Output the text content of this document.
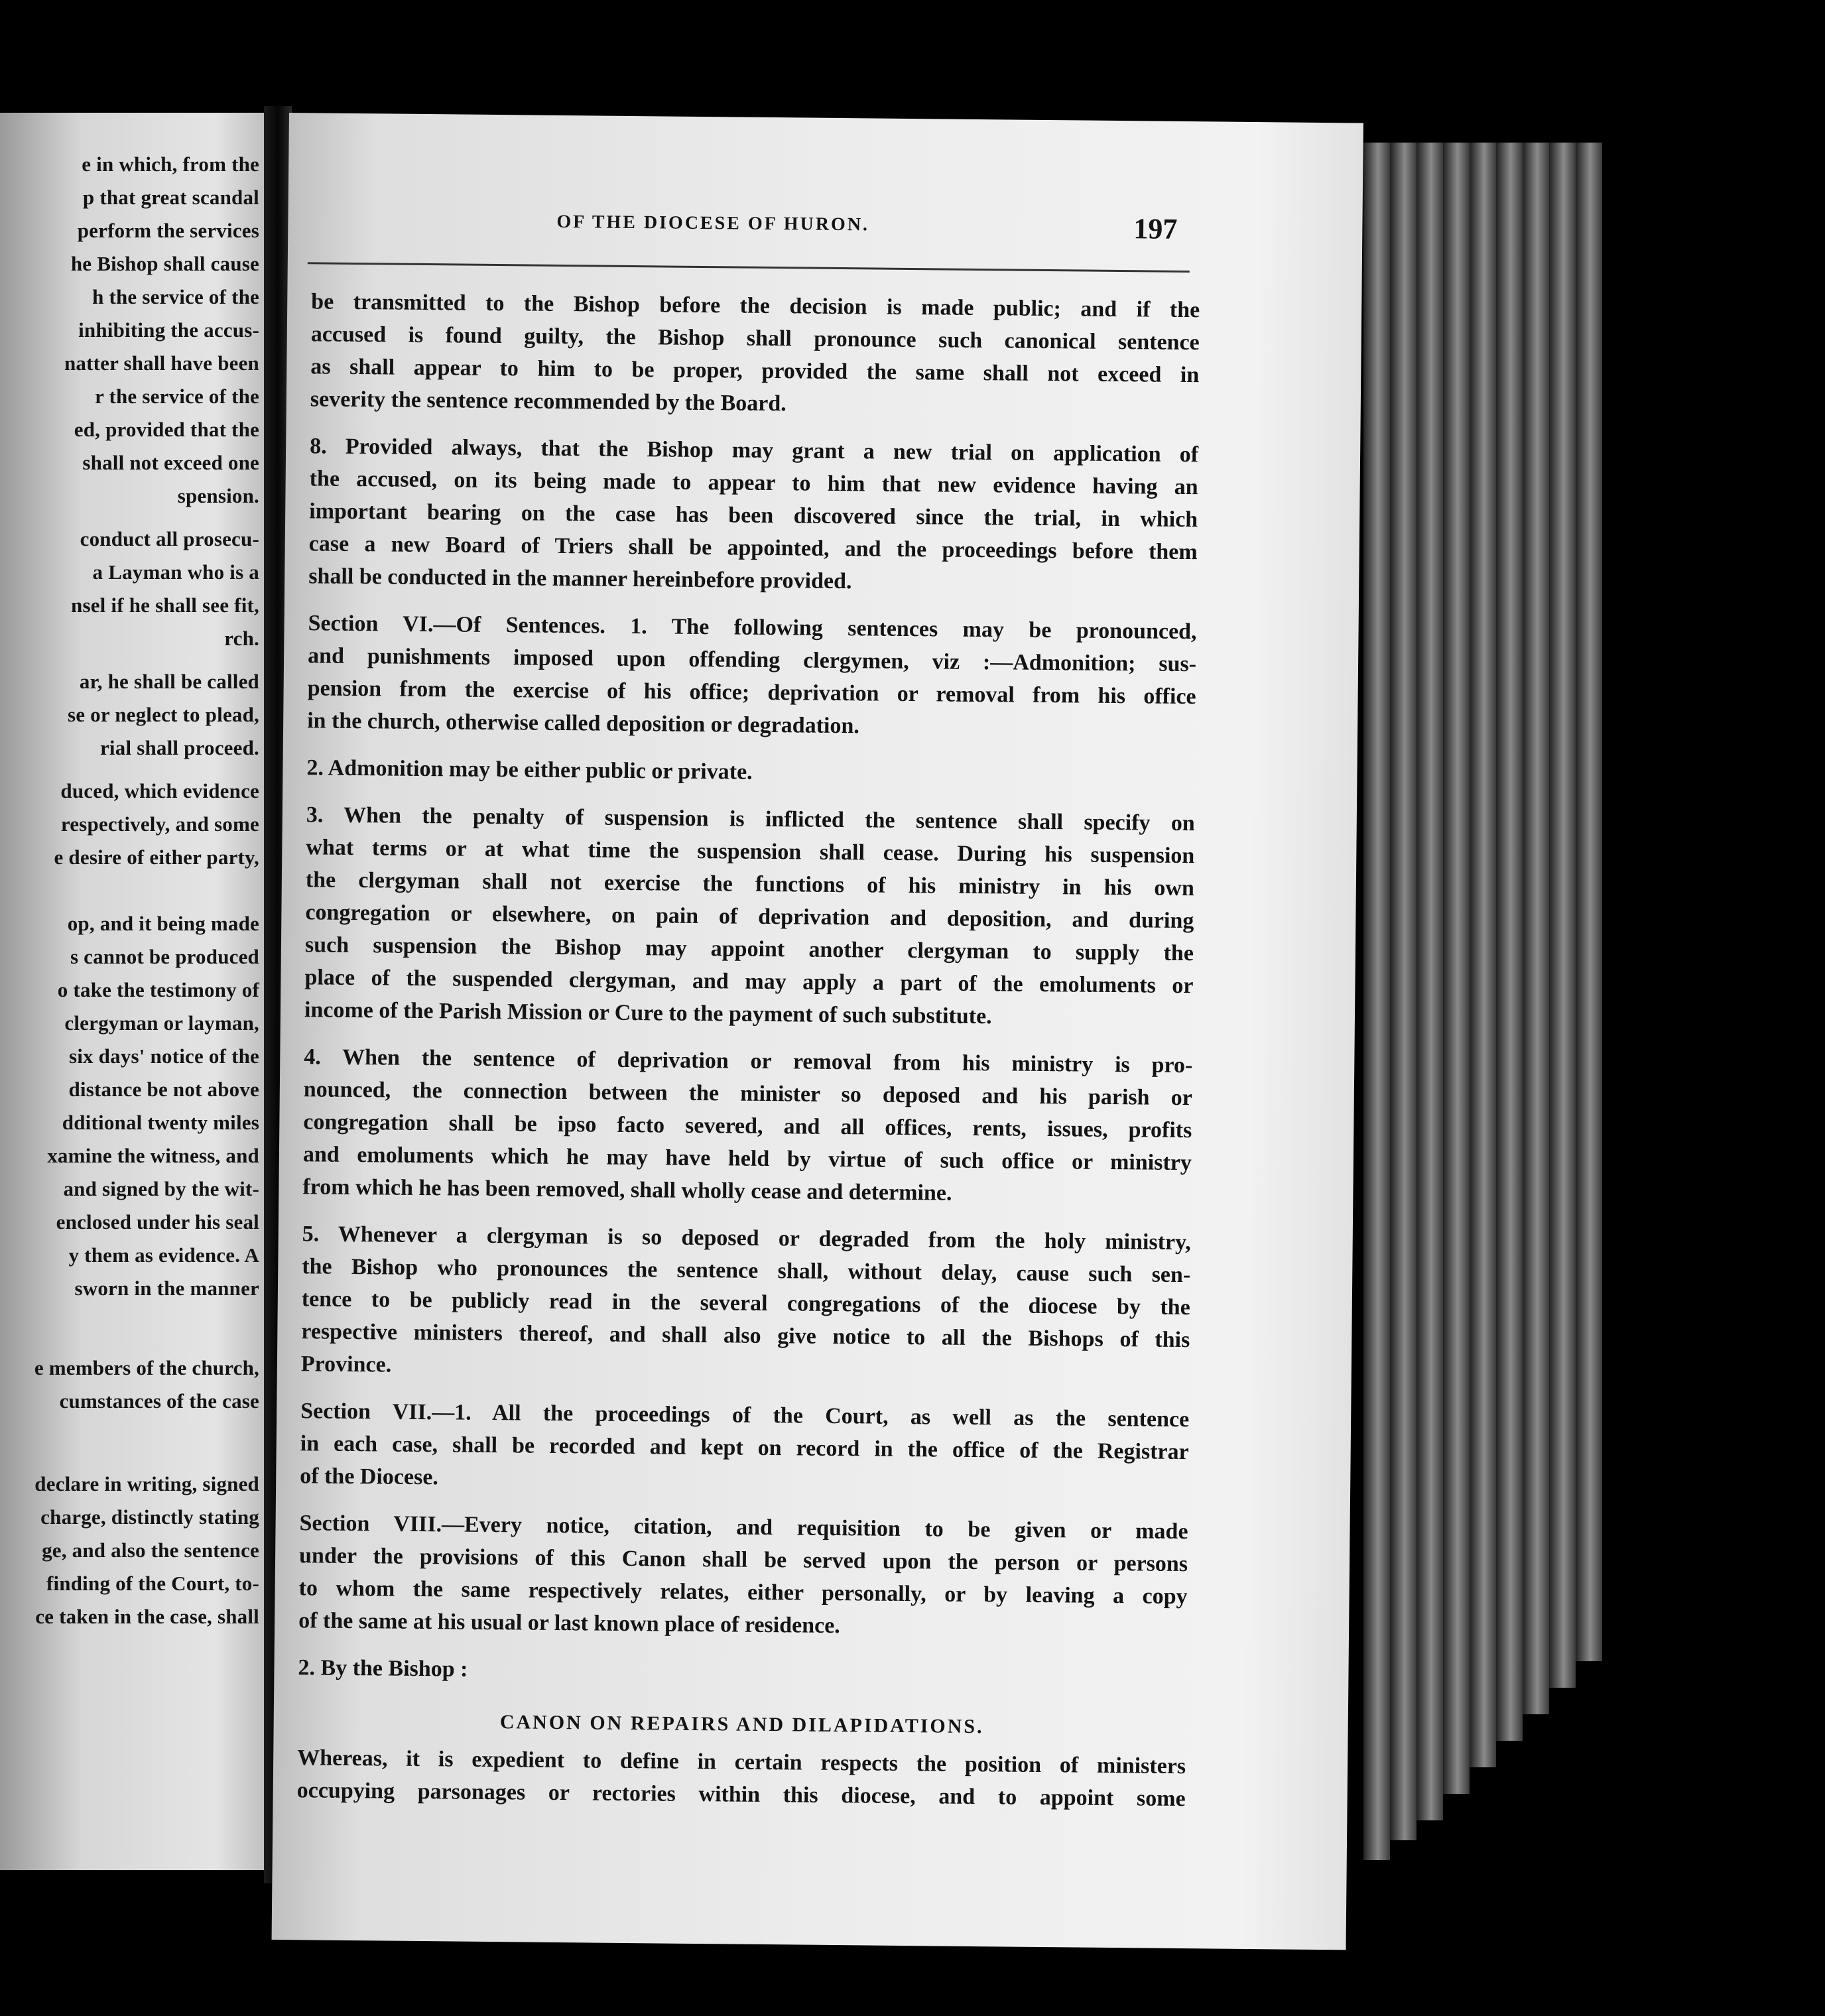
e in which, from the
p that great scandal
perform the services
he Bishop shall cause
h the service of the
inhibiting the accus-
natter shall have been
r the service of the
ed, provided that the
shall not exceed one
spension.
conduct all prosecu-
a Layman who is a
nsel if he shall see fit,
rch.
ar, he shall be called
se or neglect to plead,
rial shall proceed.
duced, which evidence
respectively, and some
e desire of either party,
op, and it being made
s cannot be produced
o take the testimony of
clergyman or layman,
six days' notice of the
distance be not above
dditional twenty miles
xamine the witness, and
and signed by the wit-
enclosed under his seal
y them as evidence. A
sworn in the manner
e members of the church,
cumstances of the case
declare in writing, signed
charge, distinctly stating
ge, and also the sentence
finding of the Court, to-
ce taken in the case, shall
OF THE DIOCESE OF HURON.	197
be transmitted to the Bishop before the decision is made public; and if the
accused is found guilty, the Bishop shall pronounce such canonical sentence
as shall appear to him to be proper, provided the same shall not exceed in
severity the sentence recommended by the Board.
8. Provided always, that the Bishop may grant a new trial on application of
the accused, on its being made to appear to him that new evidence having an
important bearing on the case has been discovered since the trial, in which
case a new Board of Triers shall be appointed, and the proceedings before them
shall be conducted in the manner hereinbefore provided.
Section VI.—Of Sentences. 1. The following sentences may be pronounced,
and punishments imposed upon offending clergymen, viz :—Admonition; sus-
pension from the exercise of his office; deprivation or removal from his office
in the church, otherwise called deposition or degradation.
2. Admonition may be either public or private.
3. When the penalty of suspension is inflicted the sentence shall specify on
what terms or at what time the suspension shall cease. During his suspension
the clergyman shall not exercise the functions of his ministry in his own
congregation or elsewhere, on pain of deprivation and deposition, and during
such suspension the Bishop may appoint another clergyman to supply the
place of the suspended clergyman, and may apply a part of the emoluments or
income of the Parish Mission or Cure to the payment of such substitute.
4. When the sentence of deprivation or removal from his ministry is pro-
nounced, the connection between the minister so deposed and his parish or
congregation shall be ipso facto severed, and all offices, rents, issues, profits
and emoluments which he may have held by virtue of such office or ministry
from which he has been removed, shall wholly cease and determine.
5. Whenever a clergyman is so deposed or degraded from the holy ministry,
the Bishop who pronounces the sentence shall, without delay, cause such sen-
tence to be publicly read in the several congregations of the diocese by the
respective ministers thereof, and shall also give notice to all the Bishops of this
Province.
Section VII.—1. All the proceedings of the Court, as well as the sentence
in each case, shall be recorded and kept on record in the office of the Registrar
of the Diocese.
Section VIII.—Every notice, citation, and requisition to be given or made
under the provisions of this Canon shall be served upon the person or persons
to whom the same respectively relates, either personally, or by leaving a copy
of the same at his usual or last known place of residence.
2. By the Bishop :
CANON ON REPAIRS AND DILAPIDATIONS.
Whereas, it is expedient to define in certain respects the position of ministers
occupying parsonages or rectories within this diocese, and to appoint some
